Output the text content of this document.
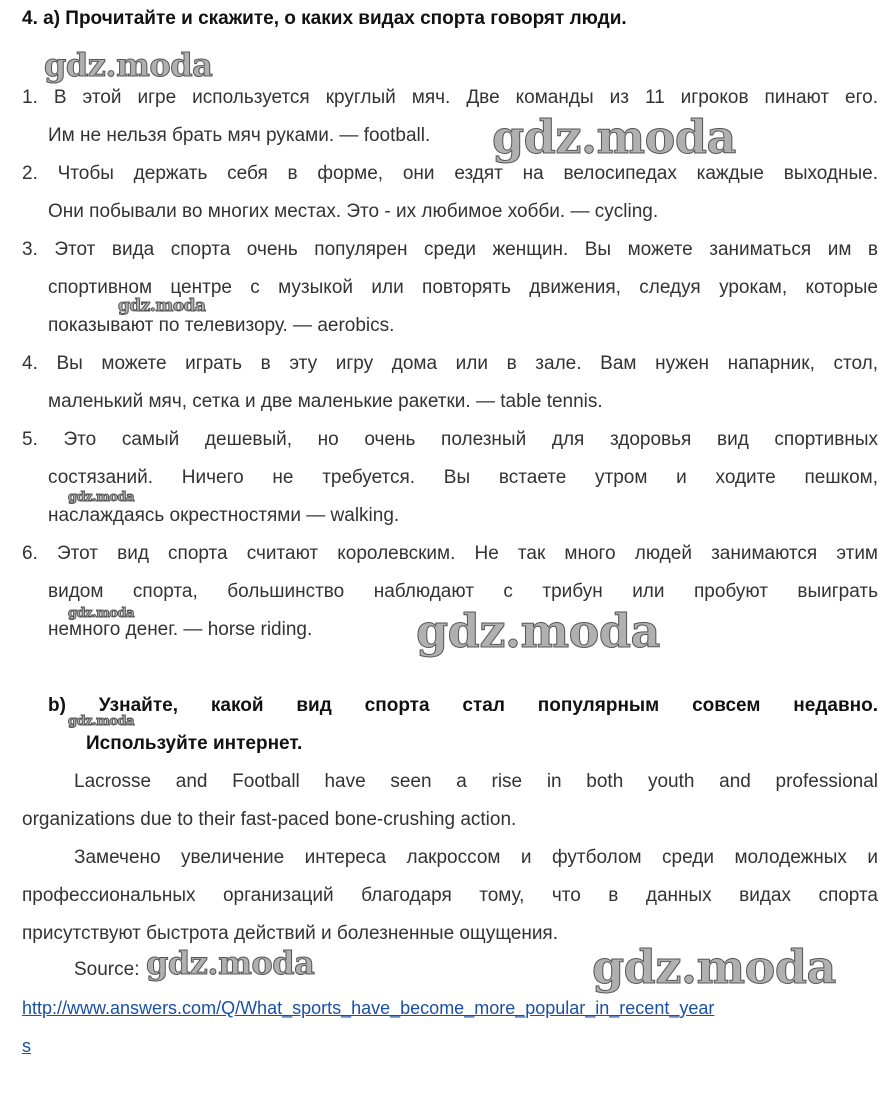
4. а) Прочитайте и скажите, о каких видах спорта говорят люди.
1. В этой игре используется круглый мяч. Две команды из 11 игроков пинают его.
Им не нельзя брать мяч руками. — football.
2. Чтобы держать себя в форме, они ездят на велосипедах каждые выходные.
Они побывали во многих местах. Это - их любимое хобби. — cycling.
3. Этот вида спорта очень популярен среди женщин. Вы можете заниматься им в
спортивном центре с музыкой или повторять движения, следуя урокам, которые
показывают по телевизору. — aerobics.
4. Вы можете играть в эту игру дома или в зале. Вам нужен напарник, стол,
маленький мяч, сетка и две маленькие ракетки. — table tennis.
5. Это самый дешевый, но очень полезный для здоровья вид спортивных
состязаний. Ничего не требуется. Вы встаете утром и ходите пешком,
наслаждаясь окрестностями — walking.
6. Этот вид спорта считают королевским. Не так много людей занимаются этим
видом спорта, большинство наблюдают с трибун или пробуют выиграть
немного денег. — horse riding.
b) Узнайте, какой вид спорта стал популярным совсем недавно.
Используйте интернет.
Lacrosse and Football have seen a rise in both youth and professional
organizations due to their fast-paced bone-crushing action.
Замечено увеличение интереса лакроссом и футболом среди молодежных и
профессиональных организаций благодаря тому, что в данных видах спорта
присутствуют быстрота действий и болезненные ощущения.
Source:
http://www.answers.com/Q/What_sports_have_become_more_popular_in_recent_year
s
gdz.moda
gdz.moda
gdz.moda
gdz.moda
gdz.moda	gdz.moda
gdz.moda
gdz.moda	gdz.moda
